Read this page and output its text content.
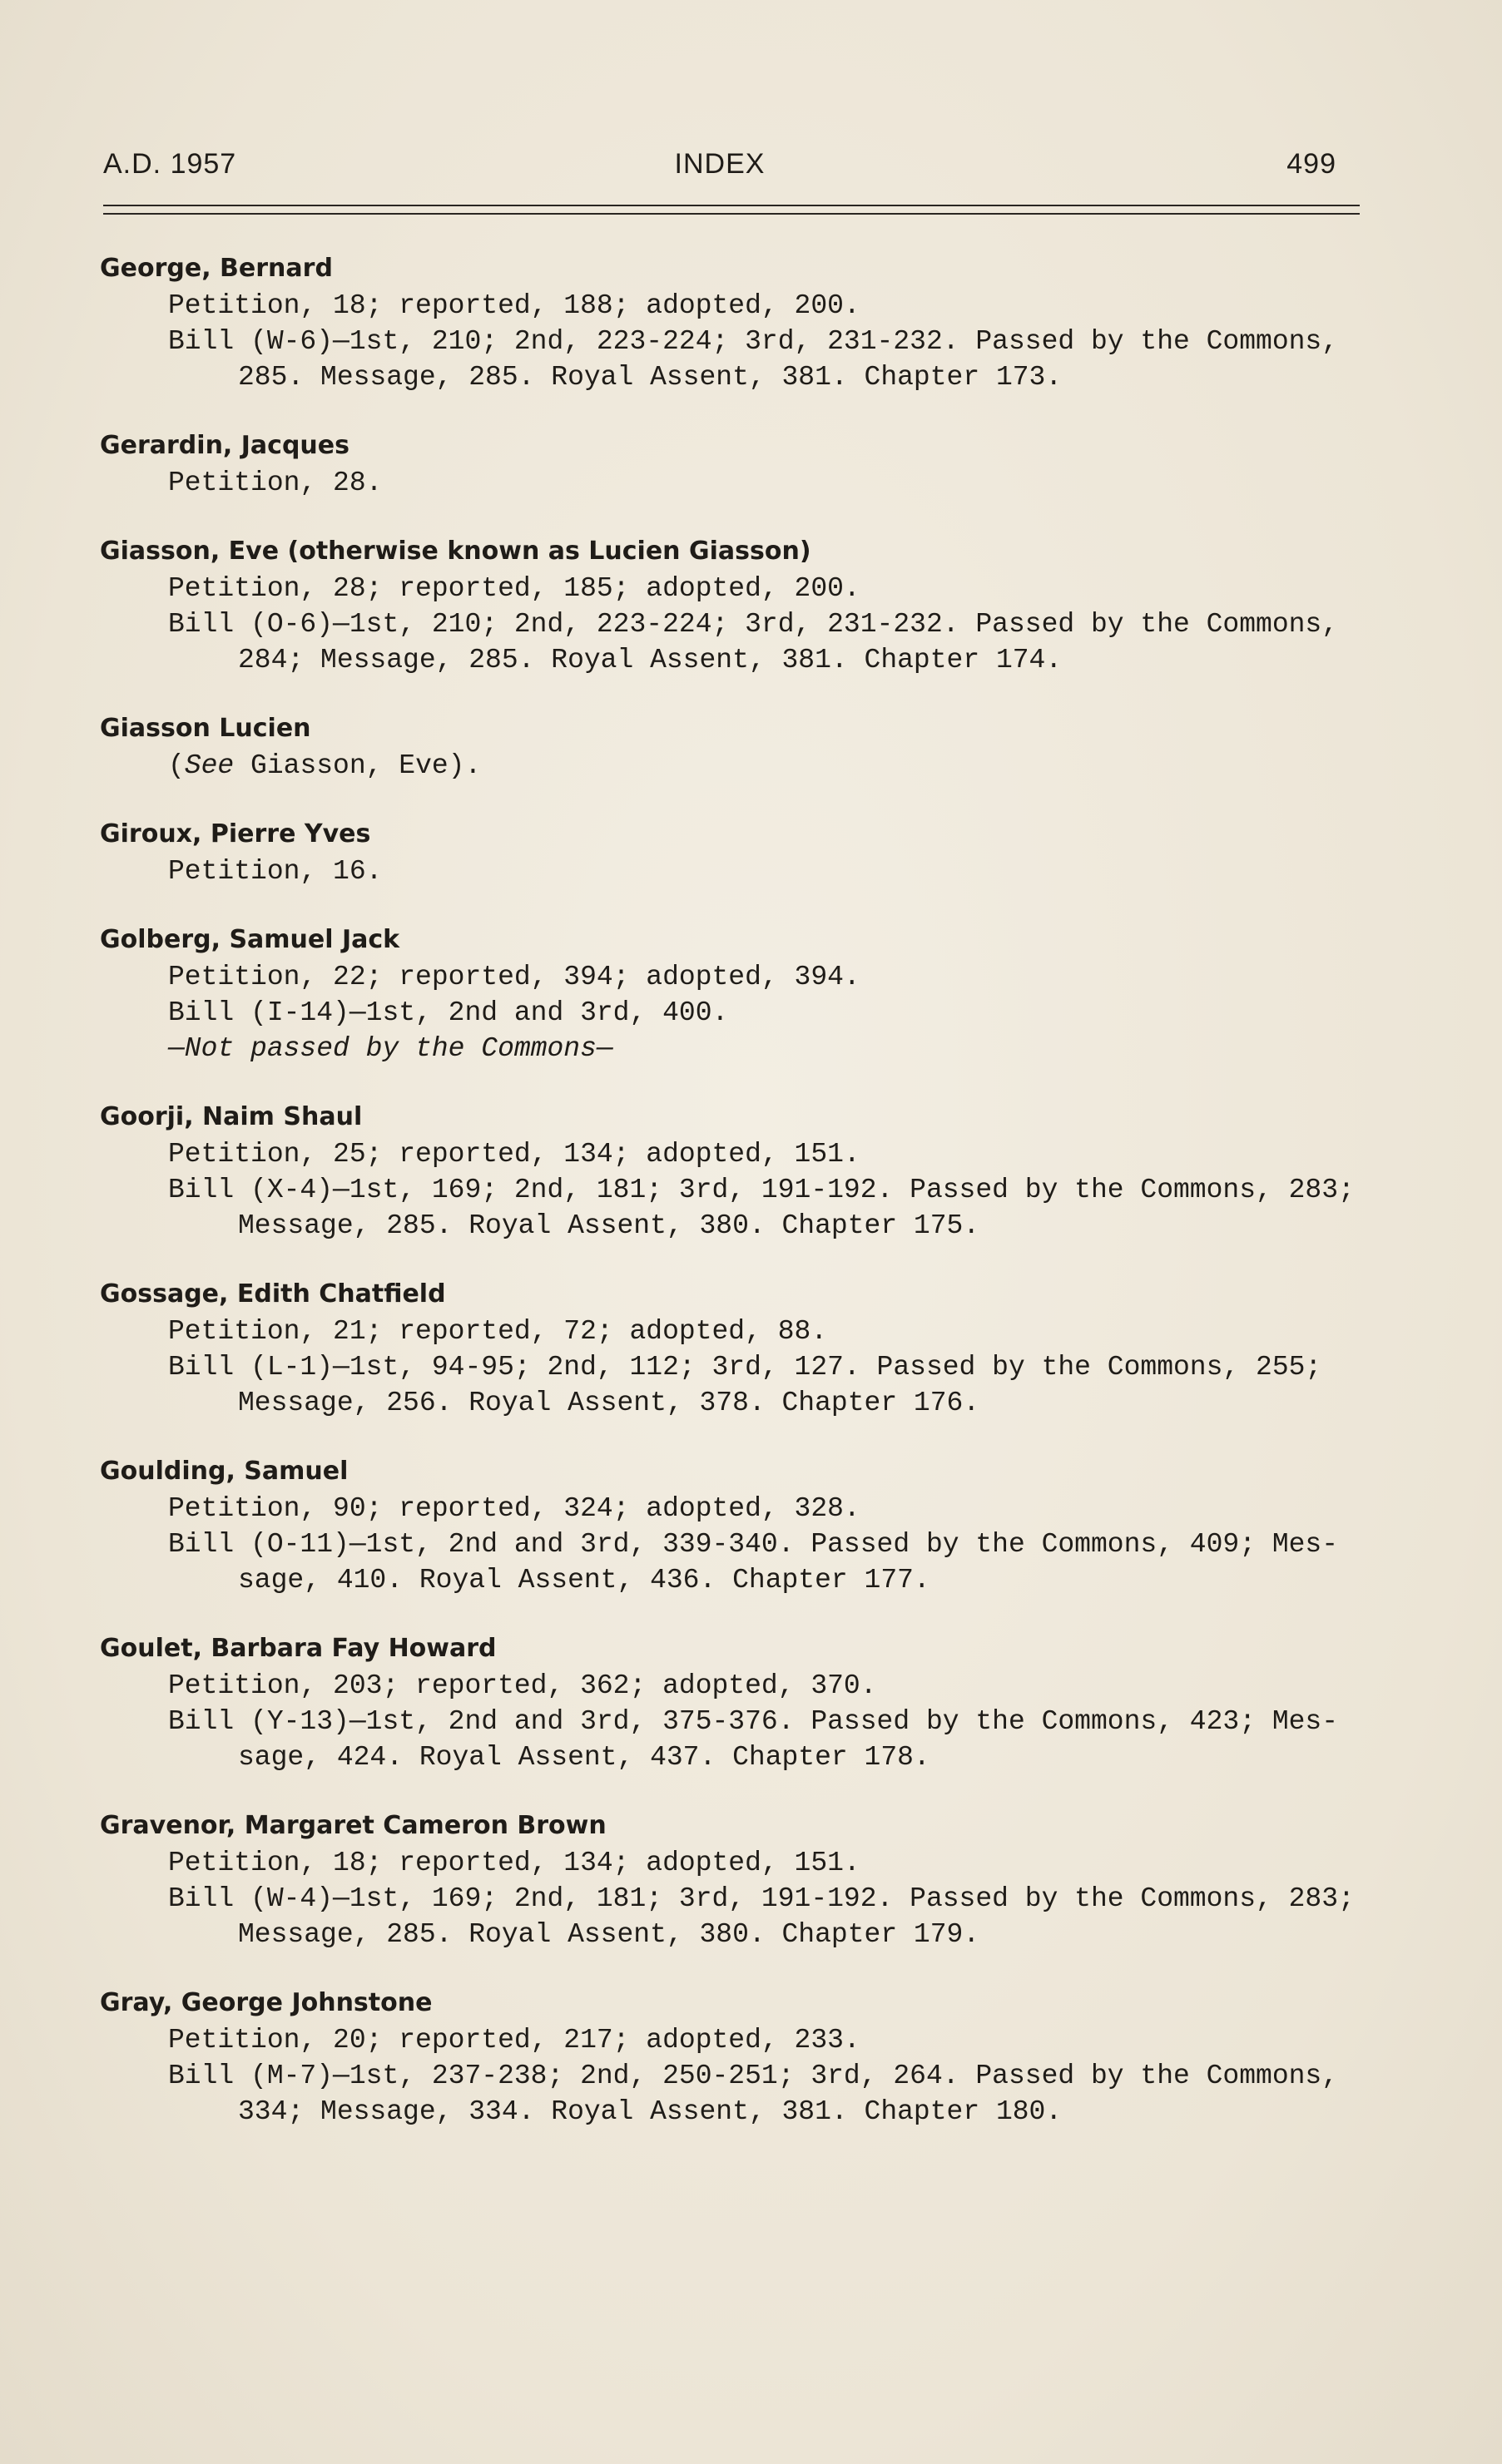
A.D. 1957	INDEX	499
George, Bernard
Petition, 18; reported, 188; adopted, 200.
Bill (W-6)—1st, 210; 2nd, 223-224; 3rd, 231-232. Passed by the Commons,
285. Message, 285. Royal Assent, 381. Chapter 173.
Gerardin, Jacques
Petition, 28.
Giasson, Eve (otherwise known as Lucien Giasson)
Petition, 28; reported, 185; adopted, 200.
Bill (O-6)—1st, 210; 2nd, 223-224; 3rd, 231-232. Passed by the Commons,
284; Message, 285. Royal Assent, 381. Chapter 174.
Giasson Lucien
(See Giasson, Eve).
Giroux, Pierre Yves
Petition, 16.
Golberg, Samuel Jack
Petition, 22; reported, 394; adopted, 394.
Bill (I-14)—1st, 2nd and 3rd, 400.
—Not passed by the Commons—
Goorji, Naim Shaul
Petition, 25; reported, 134; adopted, 151.
Bill (X-4)—1st, 169; 2nd, 181; 3rd, 191-192. Passed by the Commons, 283;
Message, 285. Royal Assent, 380. Chapter 175.
Gossage, Edith Chatfield
Petition, 21; reported, 72; adopted, 88.
Bill (L-1)—1st, 94-95; 2nd, 112; 3rd, 127. Passed by the Commons, 255;
Message, 256. Royal Assent, 378. Chapter 176.
Goulding, Samuel
Petition, 90; reported, 324; adopted, 328.
Bill (O-11)—1st, 2nd and 3rd, 339-340. Passed by the Commons, 409; Mes-
sage, 410. Royal Assent, 436. Chapter 177.
Goulet, Barbara Fay Howard
Petition, 203; reported, 362; adopted, 370.
Bill (Y-13)—1st, 2nd and 3rd, 375-376. Passed by the Commons, 423; Mes-
sage, 424. Royal Assent, 437. Chapter 178.
Gravenor, Margaret Cameron Brown
Petition, 18; reported, 134; adopted, 151.
Bill (W-4)—1st, 169; 2nd, 181; 3rd, 191-192. Passed by the Commons, 283;
Message, 285. Royal Assent, 380. Chapter 179.
Gray, George Johnstone
Petition, 20; reported, 217; adopted, 233.
Bill (M-7)—1st, 237-238; 2nd, 250-251; 3rd, 264. Passed by the Commons,
334; Message, 334. Royal Assent, 381. Chapter 180.
